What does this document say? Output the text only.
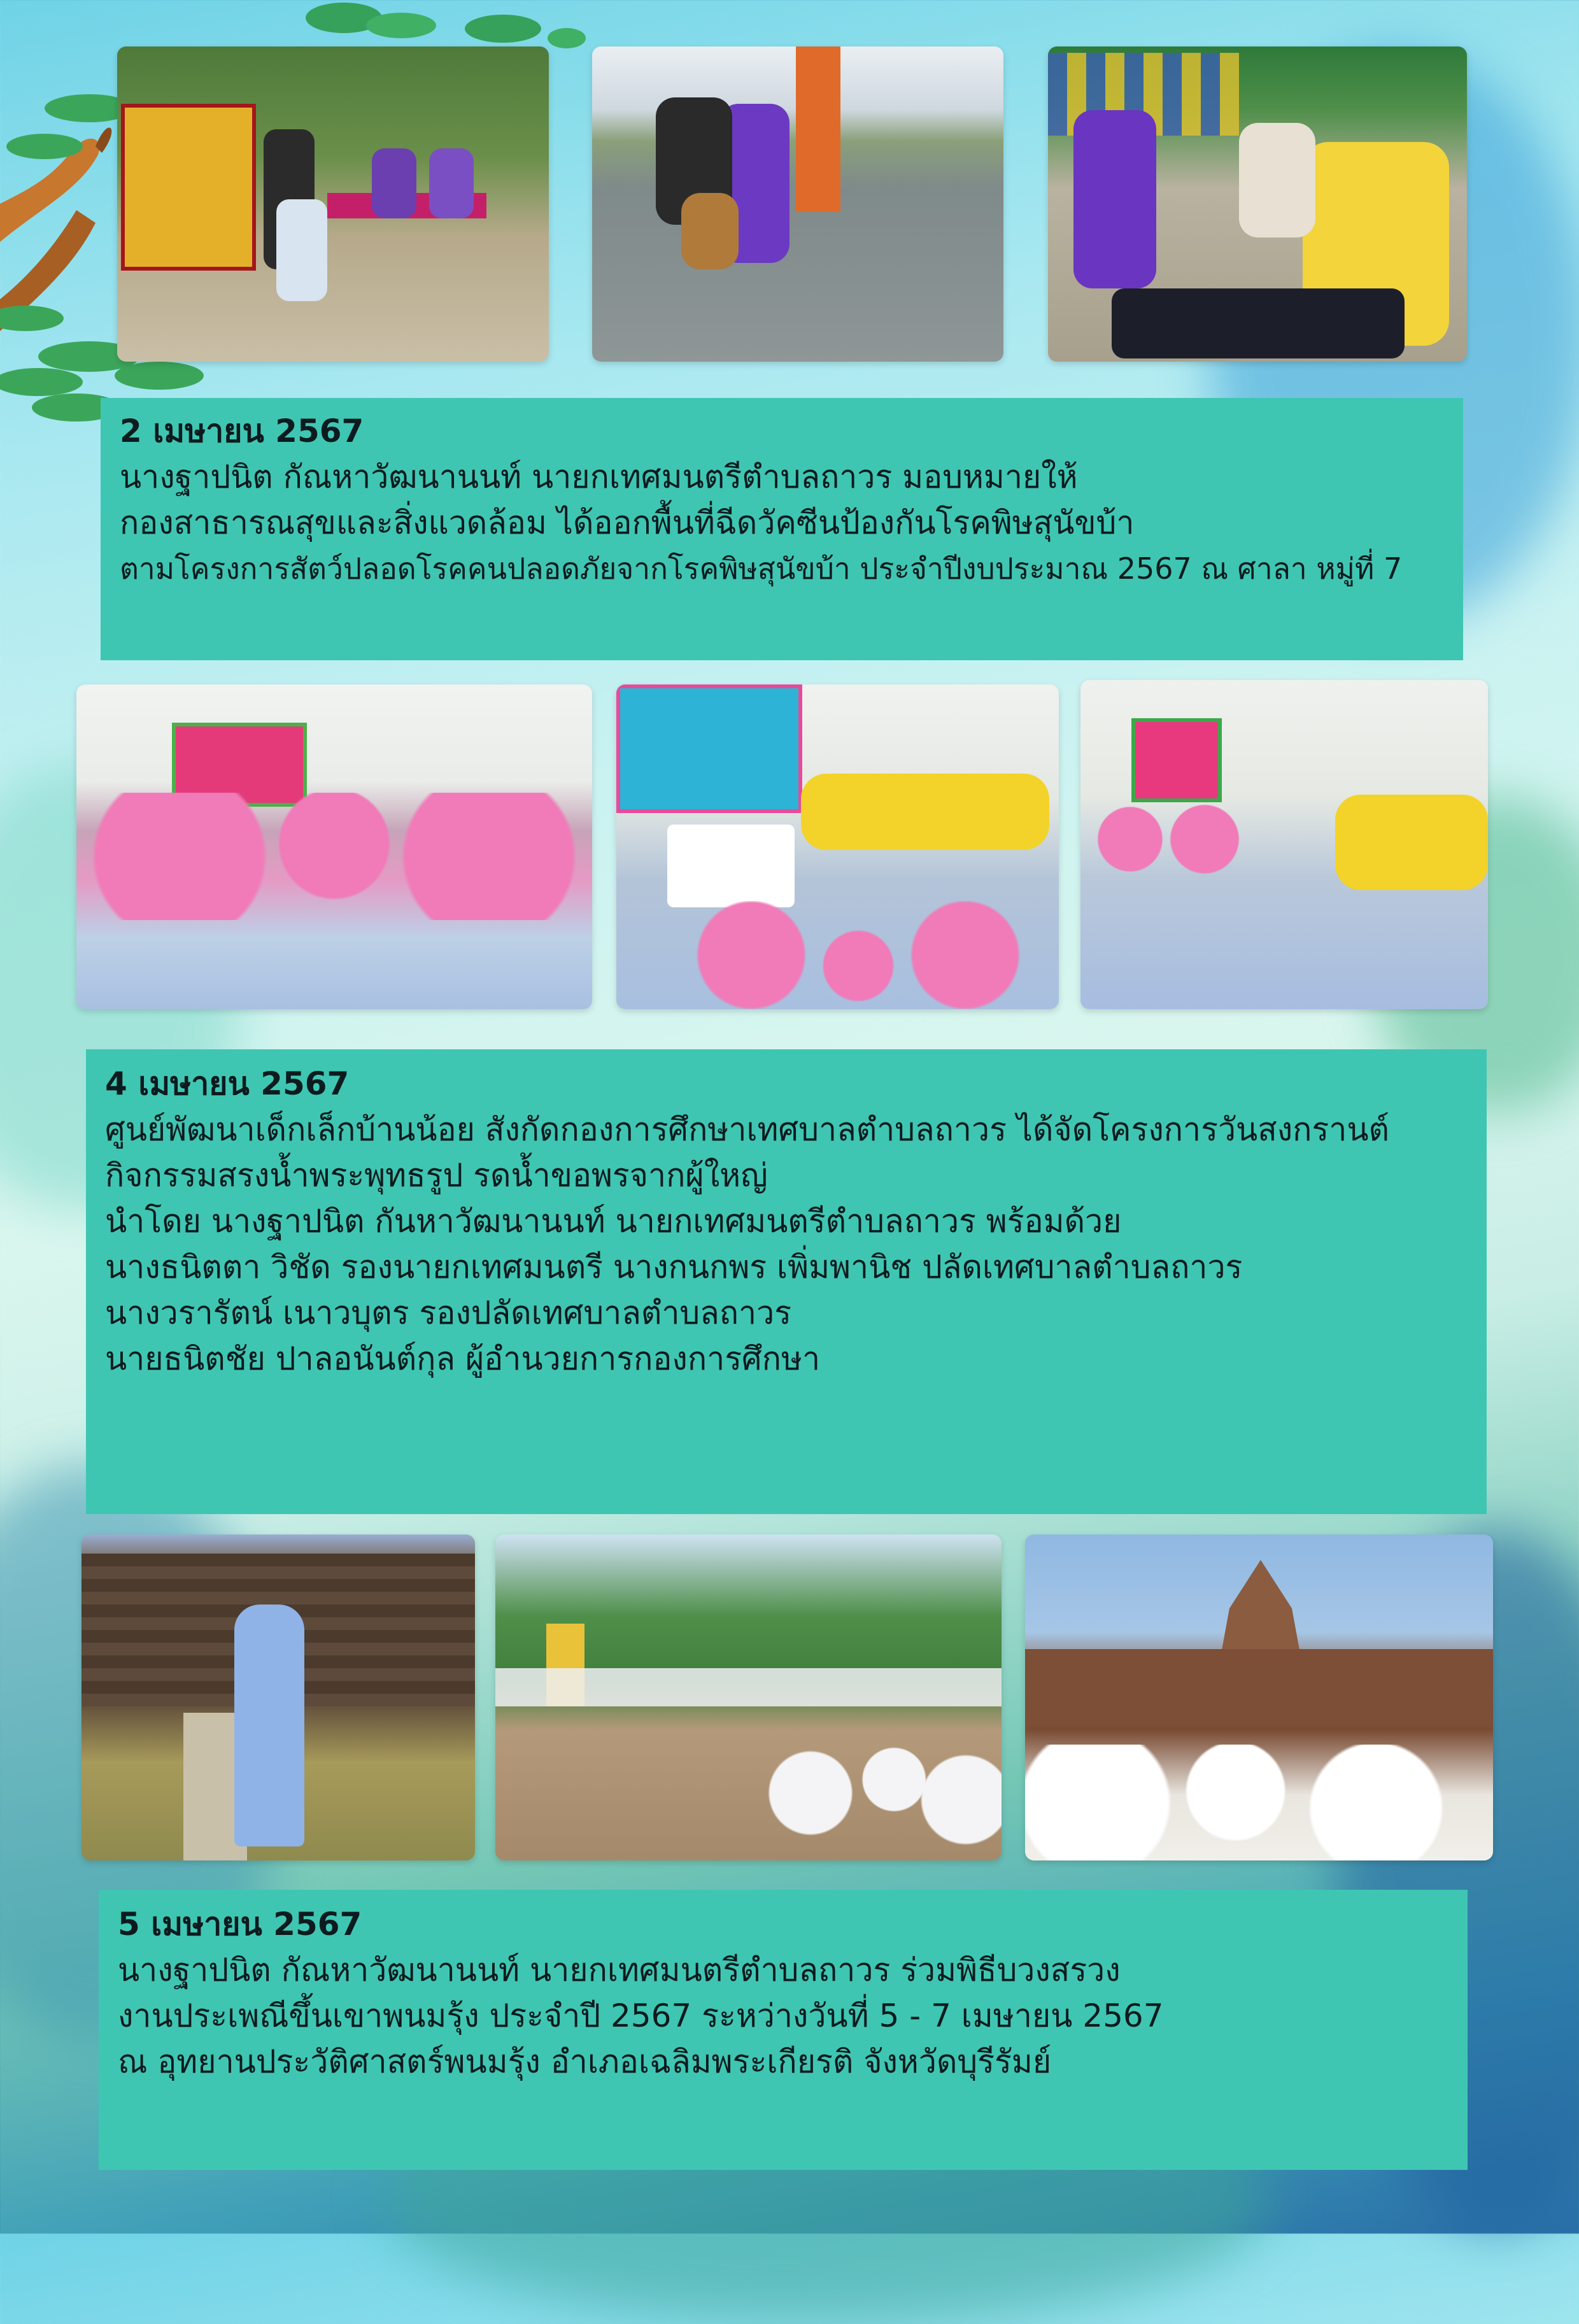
2 เมษายน 2567
นางฐาปนิต กัณหาวัฒนานนท์ นายกเทศมนตรีตำบลถาวร มอบหมายให้
กองสาธารณสุขและสิ่งแวดล้อม ได้ออกพื้นที่ฉีดวัคซีนป้องกันโรคพิษสุนัขบ้า
ตามโครงการสัตว์ปลอดโรคคนปลอดภัยจากโรคพิษสุนัขบ้า ประจำปีงบประมาณ 2567 ณ ศาลา หมู่ที่ 7
4 เมษายน 2567
ศูนย์พัฒนาเด็กเล็กบ้านน้อย สังกัดกองการศึกษาเทศบาลตำบลถาวร ได้จัดโครงการวันสงกรานต์
กิจกรรมสรงน้ำพระพุทธรูป รดน้ำขอพรจากผู้ใหญ่
นำโดย นางฐาปนิต กันหาวัฒนานนท์ นายกเทศมนตรีตำบลถาวร พร้อมด้วย
นางธนิตตา วิชัด รองนายกเทศมนตรี นางกนกพร เพิ่มพานิช ปลัดเทศบาลตำบลถาวร
นางวรารัตน์ เนาวบุตร รองปลัดเทศบาลตำบลถาวร
นายธนิตชัย ปาลอนันต์กุล ผู้อำนวยการกองการศึกษา
5 เมษายน 2567
นางฐาปนิต กัณหาวัฒนานนท์ นายกเทศมนตรีตำบลถาวร ร่วมพิธีบวงสรวง
งานประเพณีขึ้นเขาพนมรุ้ง ประจำปี 2567 ระหว่างวันที่ 5 - 7 เมษายน 2567
ณ อุทยานประวัติศาสตร์พนมรุ้ง อำเภอเฉลิมพระเกียรติ จังหวัดบุรีรัมย์
